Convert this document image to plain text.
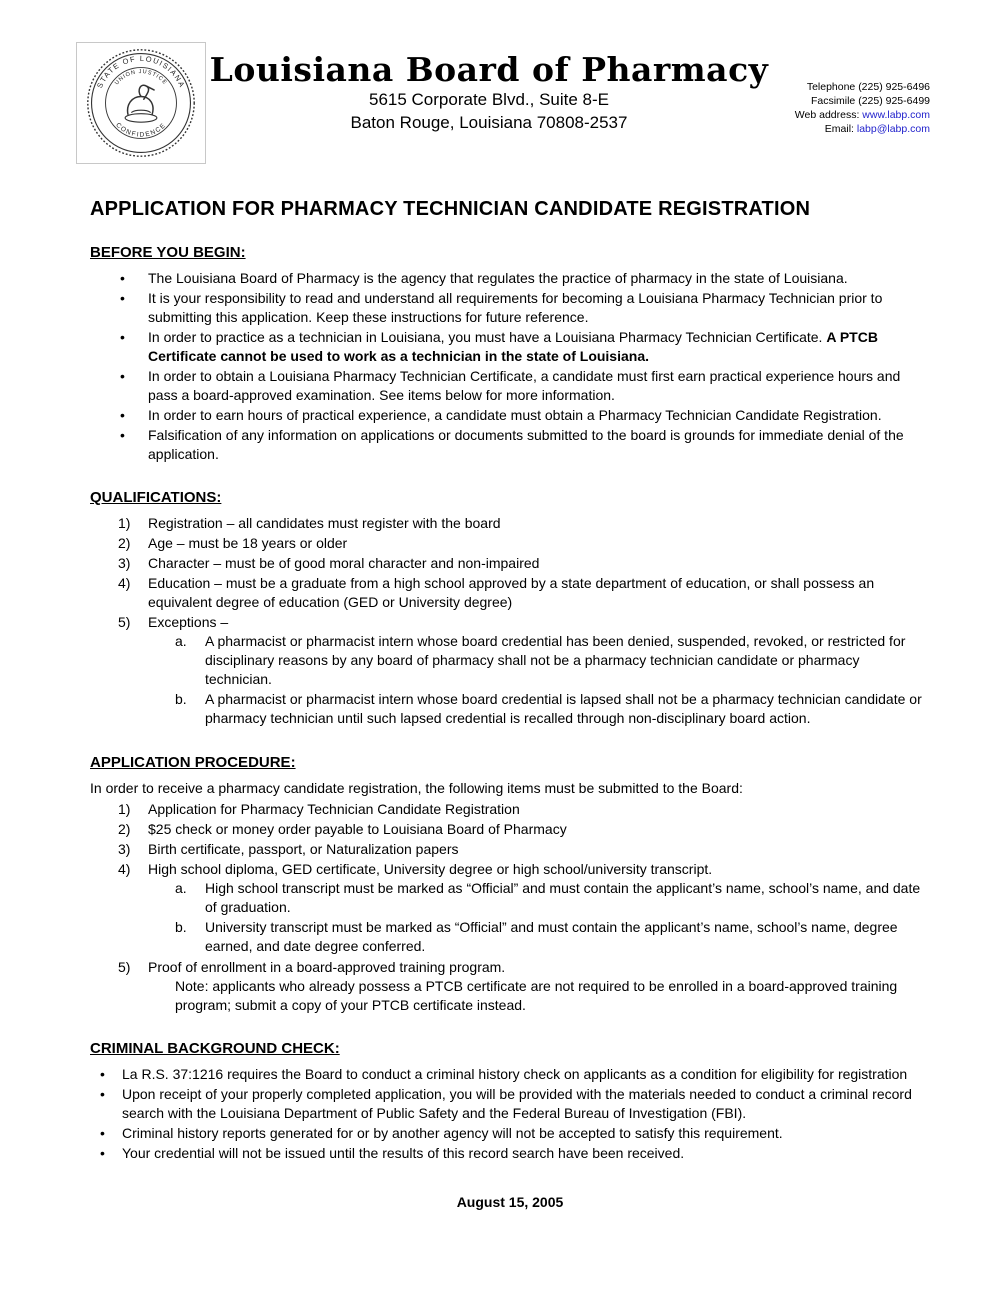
STATE OF LOUISIANA
UNION JUSTICE
CONFIDENCE
Louisiana Board of Pharmacy
5615 Corporate Blvd., Suite 8-E
Baton Rouge, Louisiana 70808-2537
Telephone (225) 925-6496
Facsimile (225) 925-6499
Web address: www.labp.com
Email: labp@labp.com
APPLICATION FOR PHARMACY TECHNICIAN CANDIDATE REGISTRATION
BEFORE YOU BEGIN:
•	The Louisiana Board of Pharmacy is the agency that regulates the practice of pharmacy in the state of Louisiana.
•	It is your responsibility to read and understand all requirements for becoming a Louisiana Pharmacy Technician prior to submitting this application. Keep these instructions for future reference.
•	In order to practice as a technician in Louisiana, you must have a Louisiana Pharmacy Technician Certificate. A PTCB Certificate cannot be used to work as a technician in the state of Louisiana.
•	In order to obtain a Louisiana Pharmacy Technician Certificate, a candidate must first earn practical experience hours and pass a board-approved examination. See items below for more information.
•	In order to earn hours of practical experience, a candidate must obtain a Pharmacy Technician Candidate Registration.
•	Falsification of any information on applications or documents submitted to the board is grounds for immediate denial of the application.
QUALIFICATIONS:
1)	Registration – all candidates must register with the board
2)	Age – must be 18 years or older
3)	Character – must be of good moral character and non-impaired
4)	Education – must be a graduate from a high school approved by a state department of education, or shall possess an equivalent degree of education (GED or University degree)
5)	Exceptions –
a.	A pharmacist or pharmacist intern whose board credential has been denied, suspended, revoked, or restricted for disciplinary reasons by any board of pharmacy shall not be a pharmacy technician candidate or pharmacy technician.
b.	A pharmacist or pharmacist intern whose board credential is lapsed shall not be a pharmacy technician candidate or pharmacy technician until such lapsed credential is recalled through non-disciplinary board action.
APPLICATION PROCEDURE:
In order to receive a pharmacy candidate registration, the following items must be submitted to the Board:
1)	Application for Pharmacy Technician Candidate Registration
2)	$25 check or money order payable to Louisiana Board of Pharmacy
3)	Birth certificate, passport, or Naturalization papers
4)	High school diploma, GED certificate, University degree or high school/university transcript.
a.	High school transcript must be marked as “Official” and must contain the applicant’s name, school’s name, and date of graduation.
b.	University transcript must be marked as “Official” and must contain the applicant’s name, school’s name, degree earned, and date degree conferred.
5)	Proof of enrollment in a board-approved training program.
Note: applicants who already possess a PTCB certificate are not required to be enrolled in a board-approved training program; submit a copy of your PTCB certificate instead.
CRIMINAL BACKGROUND CHECK:
•	La R.S. 37:1216 requires the Board to conduct a criminal history check on applicants as a condition for eligibility for registration
•	Upon receipt of your properly completed application, you will be provided with the materials needed to conduct a criminal record search with the Louisiana Department of Public Safety and the Federal Bureau of Investigation (FBI).
•	Criminal history reports generated for or by another agency will not be accepted to satisfy this requirement.
•	Your credential will not be issued until the results of this record search have been received.
August 15, 2005
